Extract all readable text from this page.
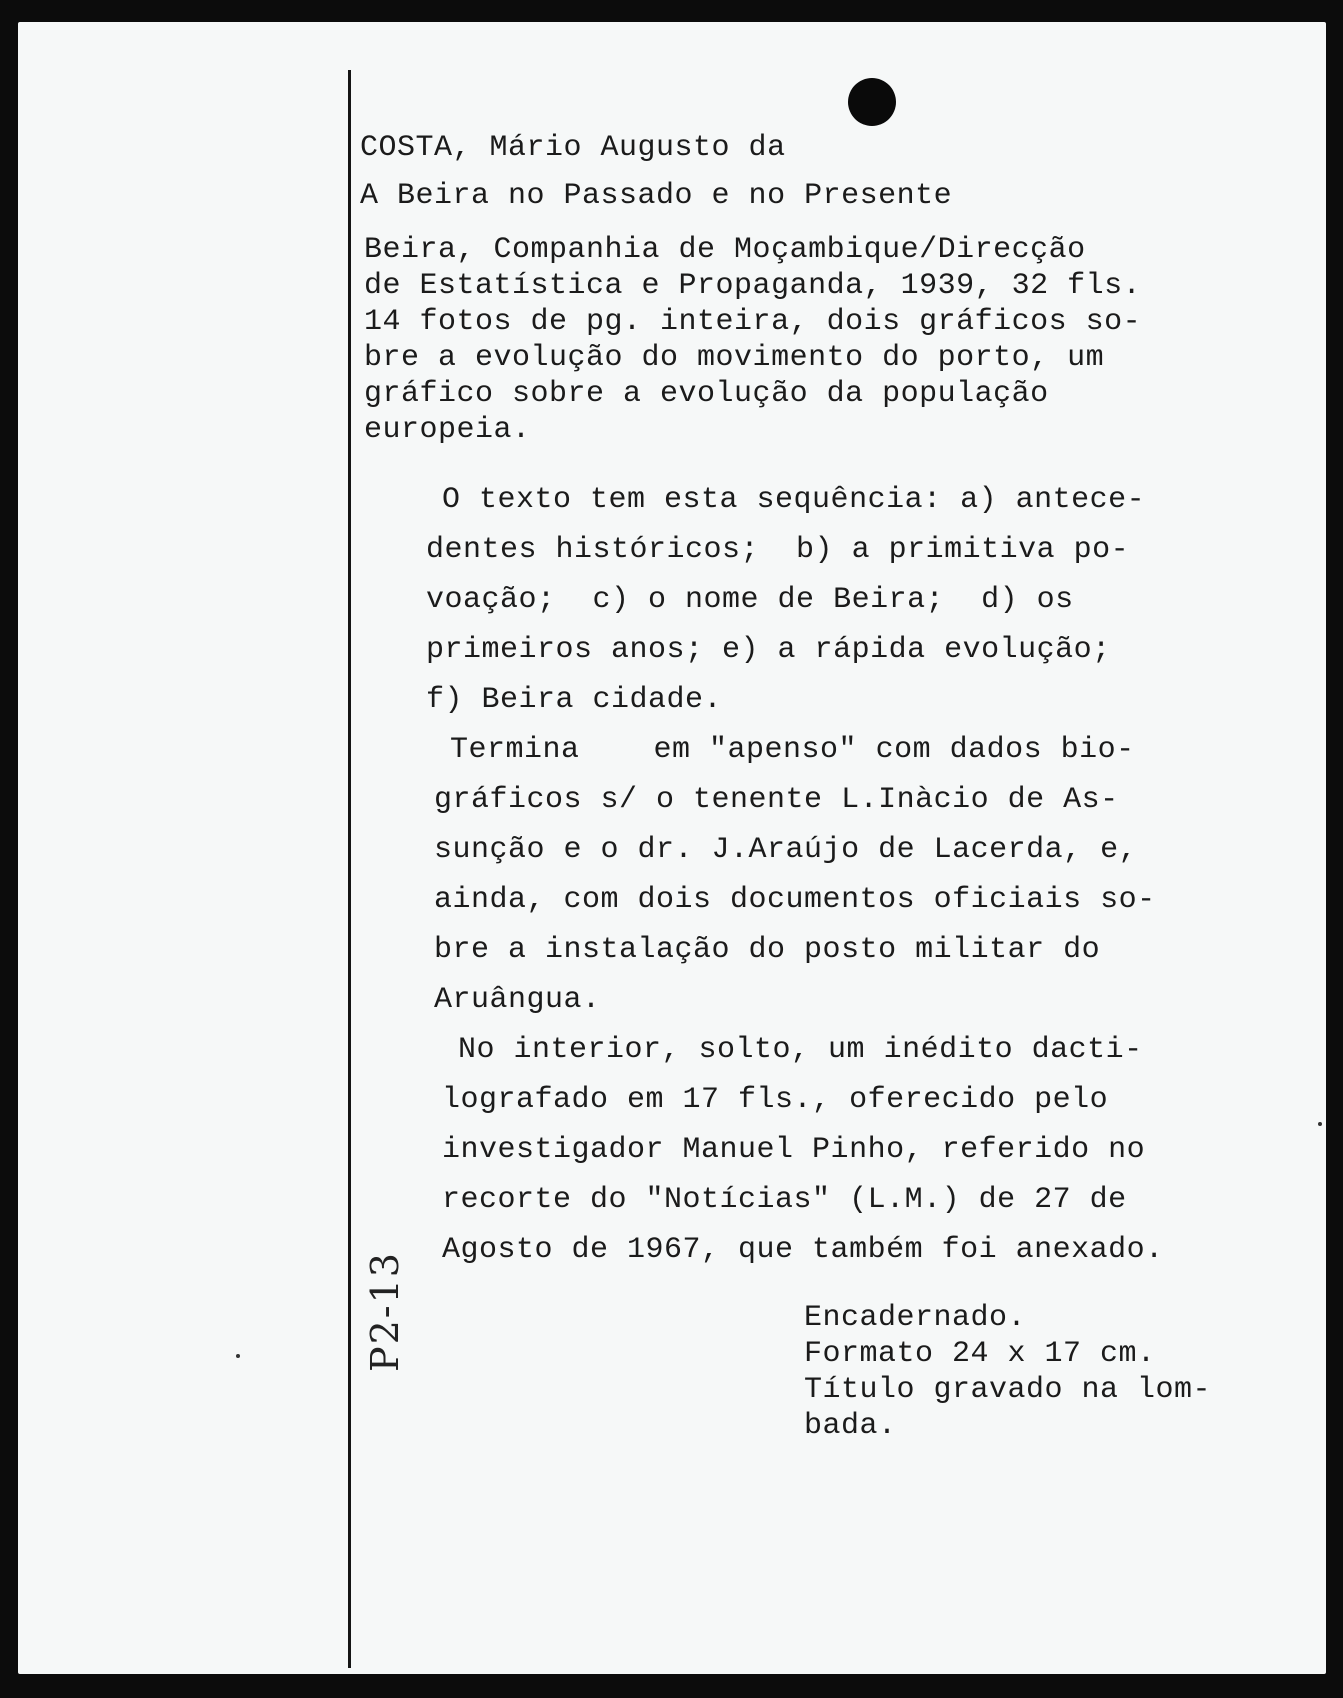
COSTA, Mário Augusto da
A Beira no Passado e no Presente
Beira, Companhia de Moçambique/Direcção
de Estatística e Propaganda, 1939, 32 fls.
14 fotos de pg. inteira, dois gráficos so-
bre a evolução do movimento do porto, um
gráfico sobre a evolução da população
europeia.
O texto tem esta sequência: a) antece-
dentes históricos;  b) a primitiva po-
voação;  c) o nome de Beira;  d) os
primeiros anos; e) a rápida evolução;
f) Beira cidade.
Termina    em "apenso" com dados bio-
gráficos s/ o tenente L.Inàcio de As-
sunção e o dr. J.Araújo de Lacerda, e,
ainda, com dois documentos oficiais so-
bre a instalação do posto militar do
Aruângua.
No interior, solto, um inédito dacti-
lografado em 17 fls., oferecido pelo
investigador Manuel Pinho, referido no
recorte do "Notícias" (L.M.) de 27 de
Agosto de 1967, que também foi anexado.
Encadernado.
Formato 24 x 17 cm.
Título gravado na lom-
bada.
P2-13
